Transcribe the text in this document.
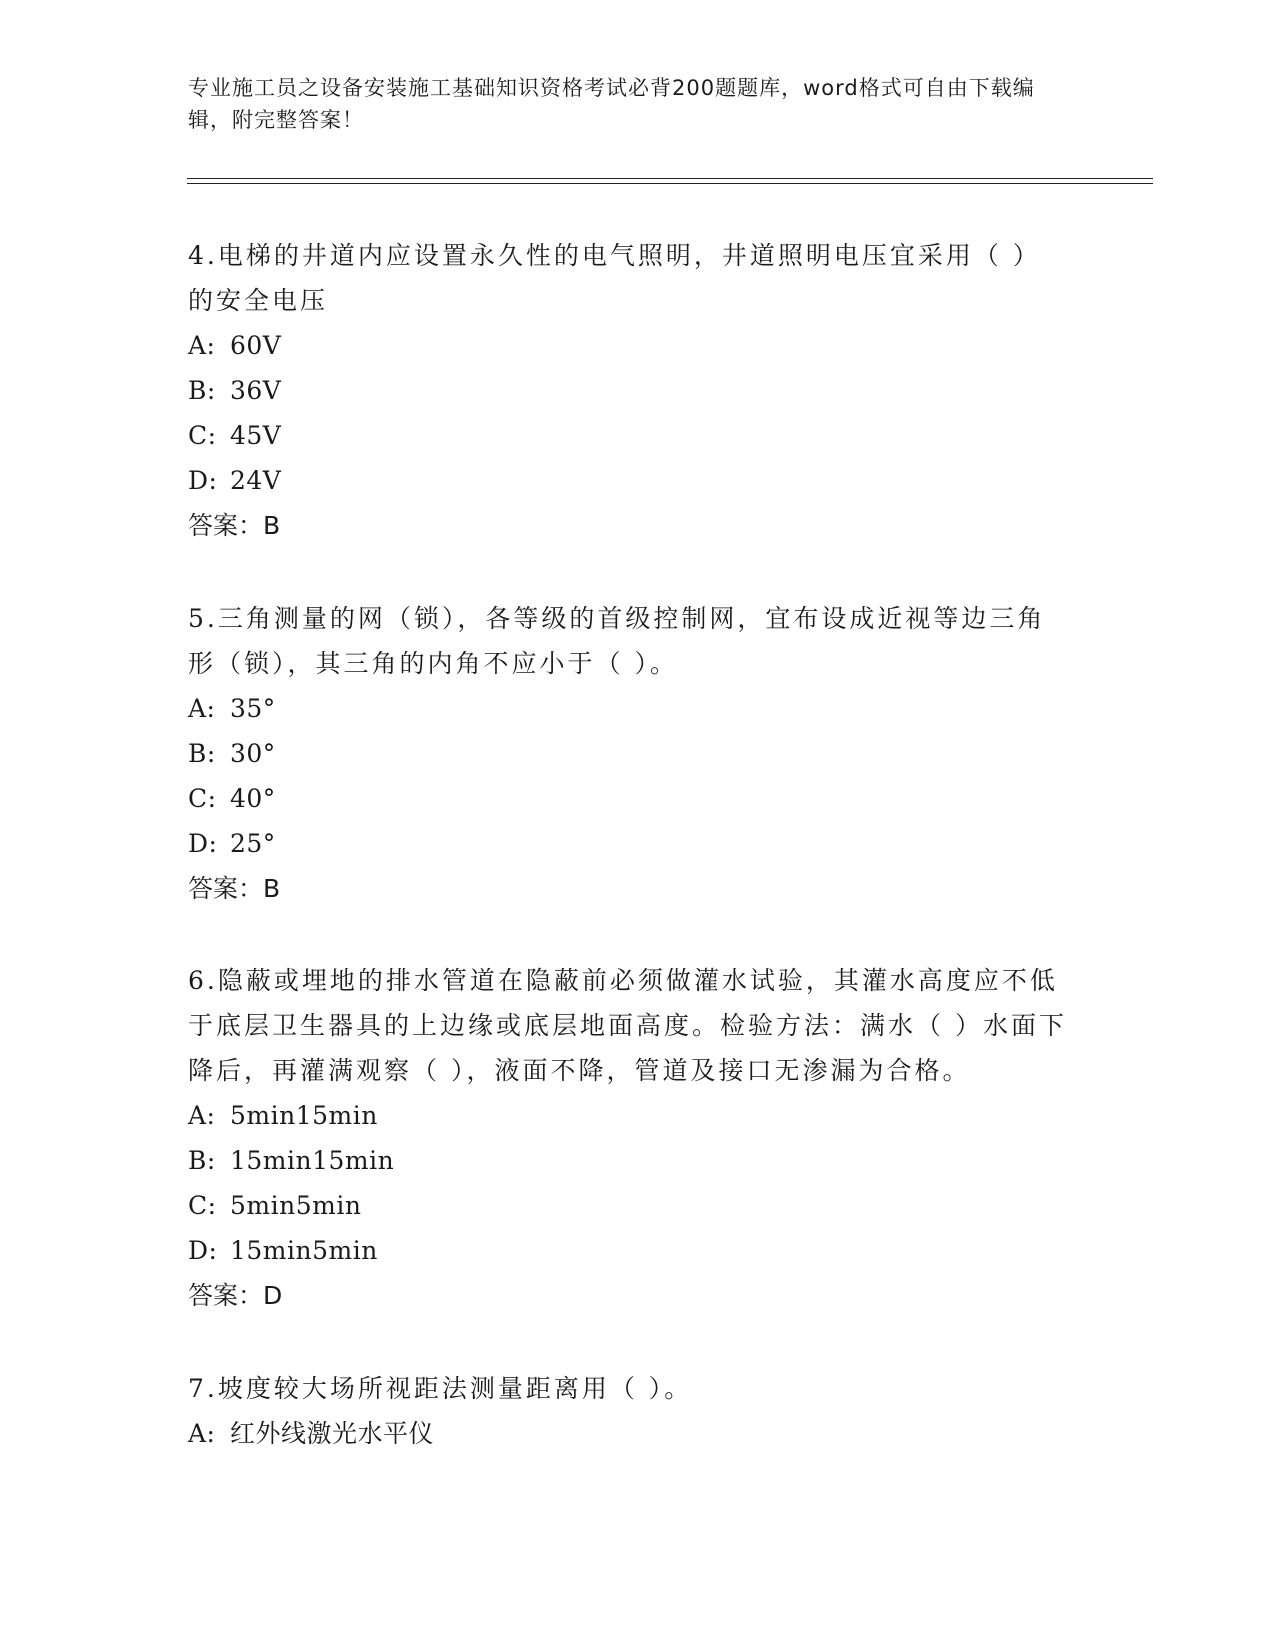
专业施工员之设备安装施工基础知识资格考试必背200题题库，word格式可自由下载编辑，附完整答案！

4.电梯的井道内应设置永久性的电气照明，井道照明电压宜采用（ ）的安全电压

A: 60V

B: 36V

C: 45V

D: 24V

答案：B

5.三角测量的网（锁），各等级的首级控制网，宜布设成近视等边三角形（锁），其三角的内角不应小于（ ）。

A: 35°

B: 30°

C: 40°

D: 25°

答案：B

6.隐蔽或埋地的排水管道在隐蔽前必须做灌水试验，其灌水高度应不低于底层卫生器具的上边缘或底层地面高度。检验方法：满水（ ）水面下降后，再灌满观察（ ），液面不降，管道及接口无渗漏为合格。

A: 5min15min

B: 15min15min

C: 5min5min

D: 15min5min

答案：D

7.坡度较大场所视距法测量距离用（ ）。

A: 红外线激光水平仪
